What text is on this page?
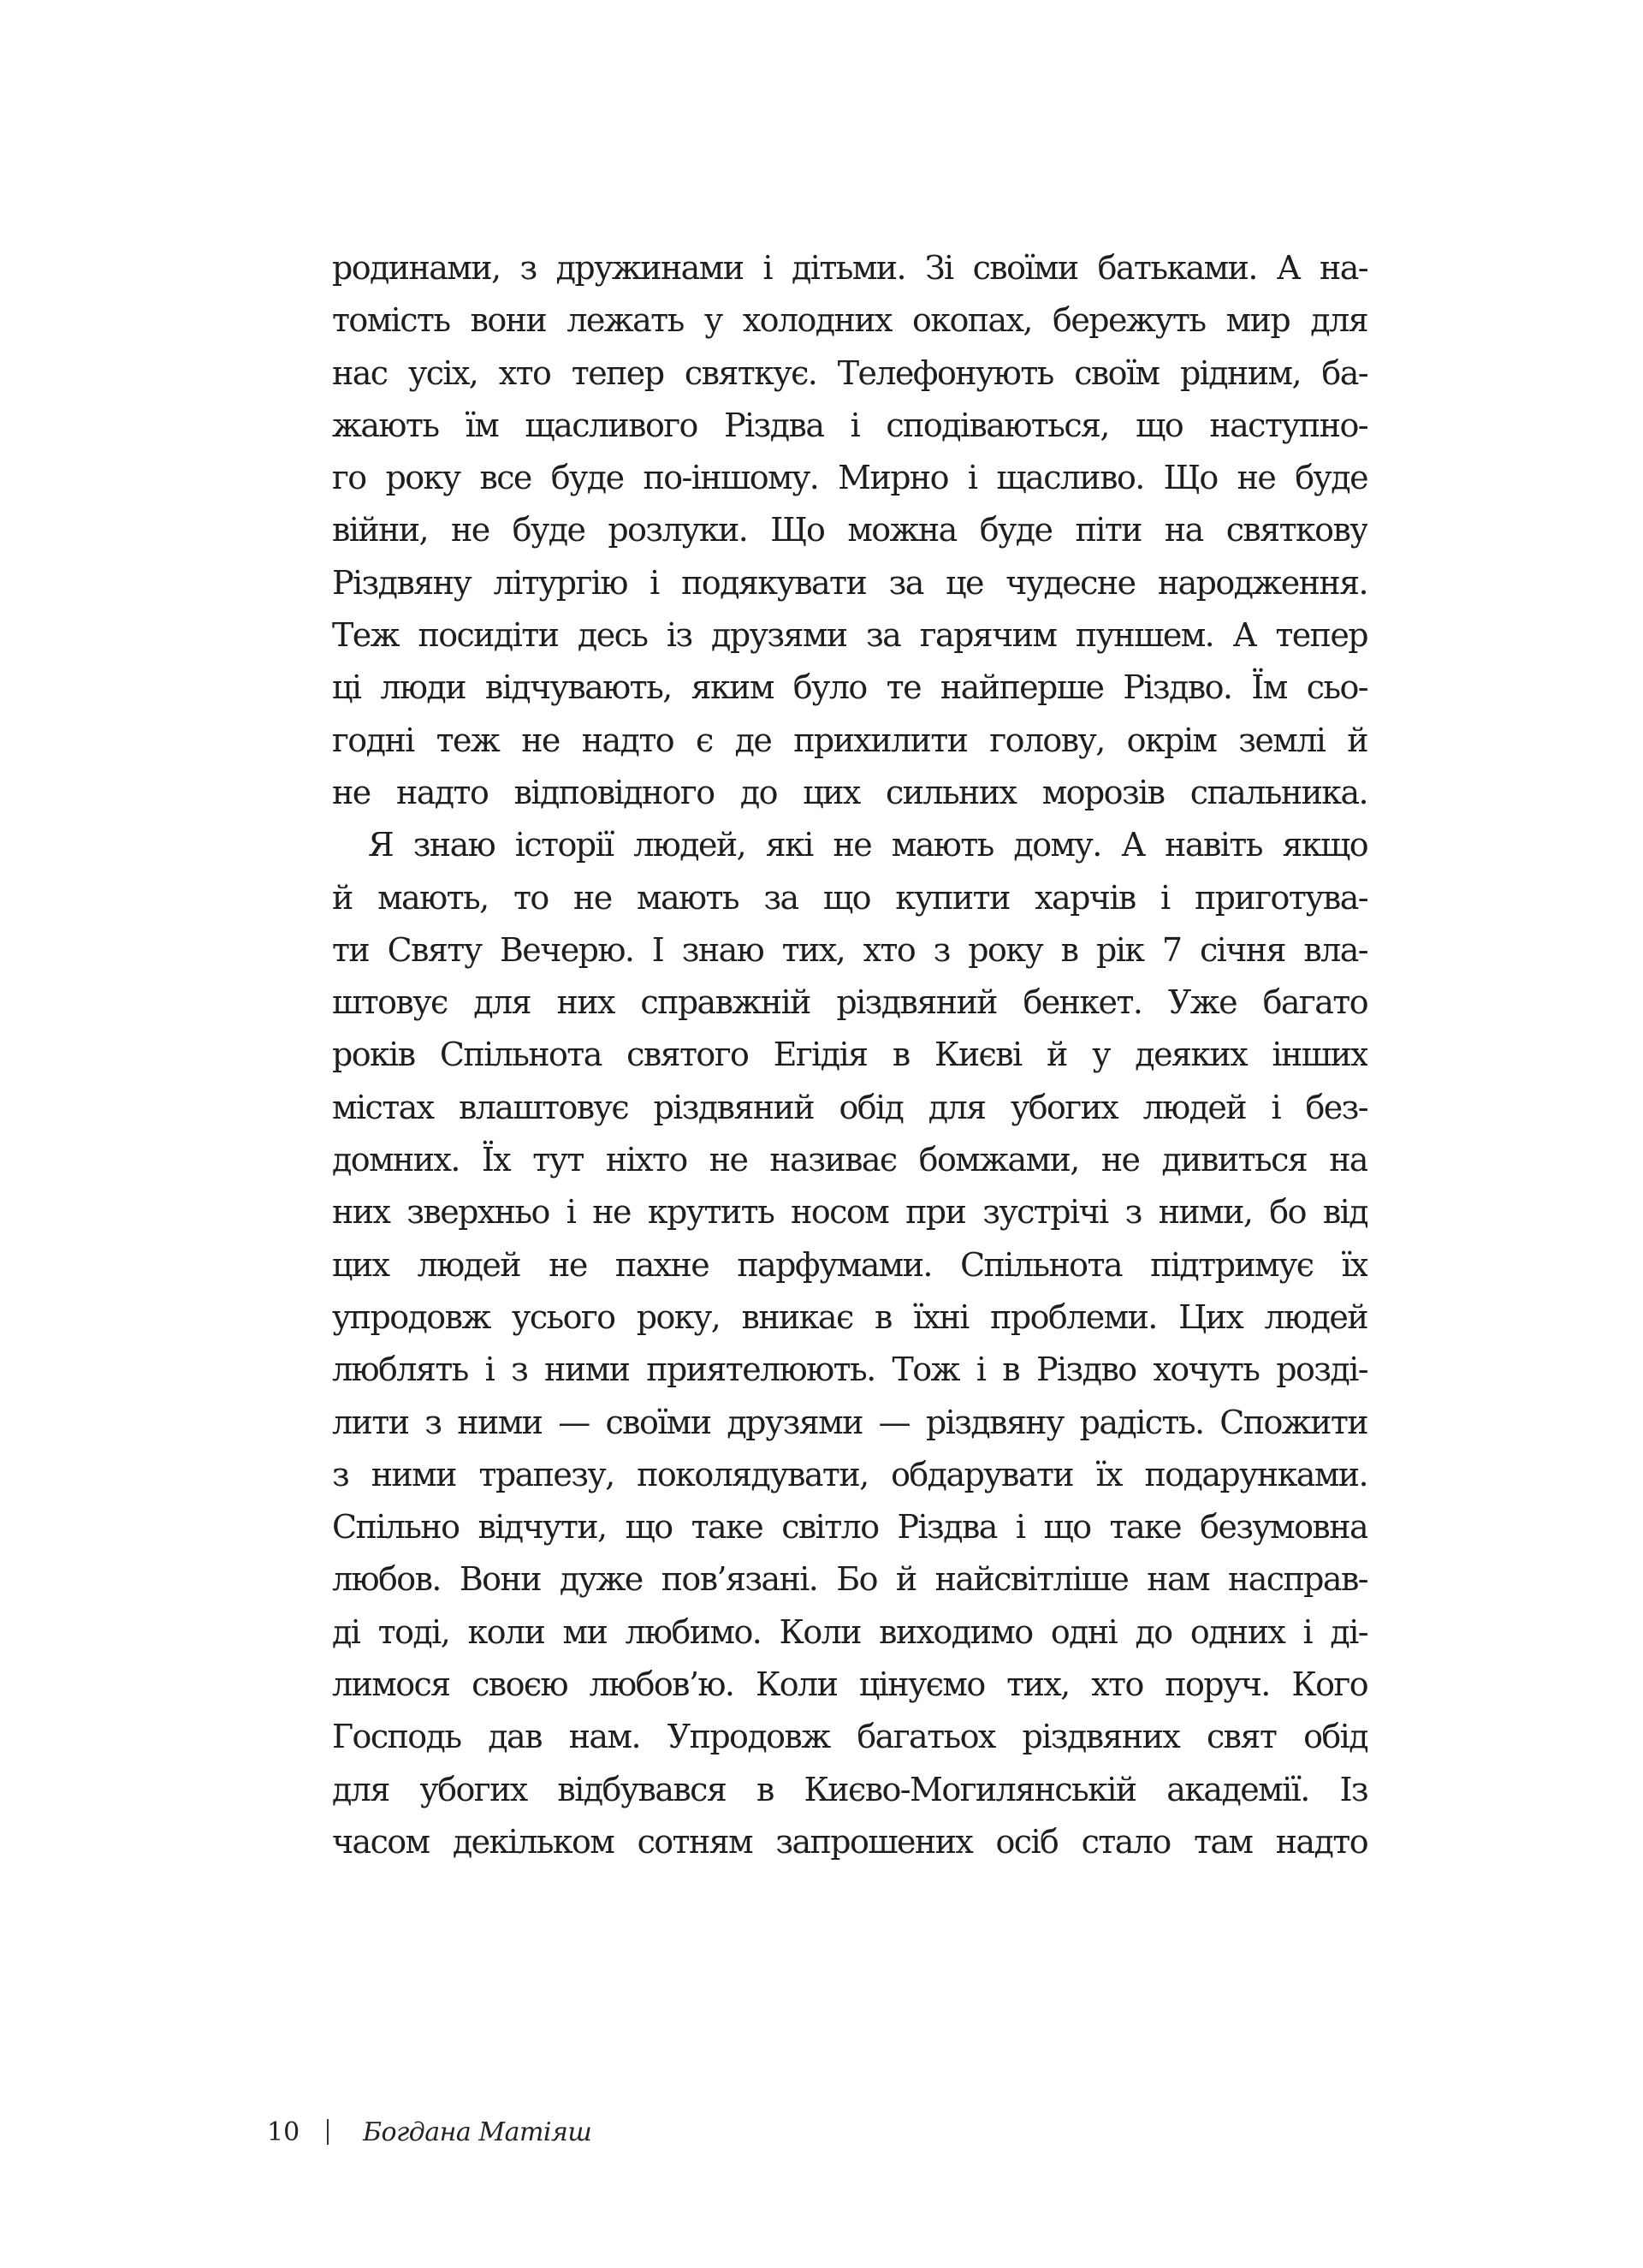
родинами, з дружинами і дітьми. Зі своїми батьками. А на-
томість вони лежать у холодних окопах, бережуть мир для
нас усіх, хто тепер святкує. Телефонують своїм рідним, ба-
жають їм щасливого Різдва і сподіваються, що наступно-
го року все буде по-іншому. Мирно і щасливо. Що не буде
війни, не буде розлуки. Що можна буде піти на святкову
Різдвяну літургію і подякувати за це чудесне народження.
Теж посидіти десь із друзями за гарячим пуншем. А тепер
ці люди відчувають, яким було те найперше Різдво. Їм сьо-
годні теж не надто є де прихилити голову, окрім землі й
не надто відповідного до цих сильних морозів спальника.
Я знаю історії людей, які не мають дому. А навіть якщо
й мають, то не мають за що купити харчів і приготува-
ти Святу Вечерю. І знаю тих, хто з року в рік 7 січня вла-
штовує для них справжній різдвяний бенкет. Уже багато
років Спільнота святого Егідія в Києві й у деяких інших
містах влаштовує різдвяний обід для убогих людей і без-
домних. Їх тут ніхто не називає бомжами, не дивиться на
них зверхньо і не крутить носом при зустрічі з ними, бо від
цих людей не пахне парфумами. Спільнота підтримує їх
упродовж усього року, вникає в їхні проблеми. Цих людей
люблять і з ними приятелюють. Тож і в Різдво хочуть розді-
лити з ними — своїми друзями — різдвяну радість. Спожити
з ними трапезу, поколядувати, обдарувати їх подарунками.
Спільно відчути, що таке світло Різдва і що таке безумовна
любов. Вони дуже пов’язані. Бо й найсвітліше нам насправ-
ді тоді, коли ми любимо. Коли виходимо одні до одних і ді-
лимося своєю любов’ю. Коли цінуємо тих, хто поруч. Кого
Господь дав нам. Упродовж багатьох різдвяних свят обід
для убогих відбувався в Києво-Могилянській академії. Із
часом декільком сотням запрошених осіб стало там надто
10	Богдана Матіяш
